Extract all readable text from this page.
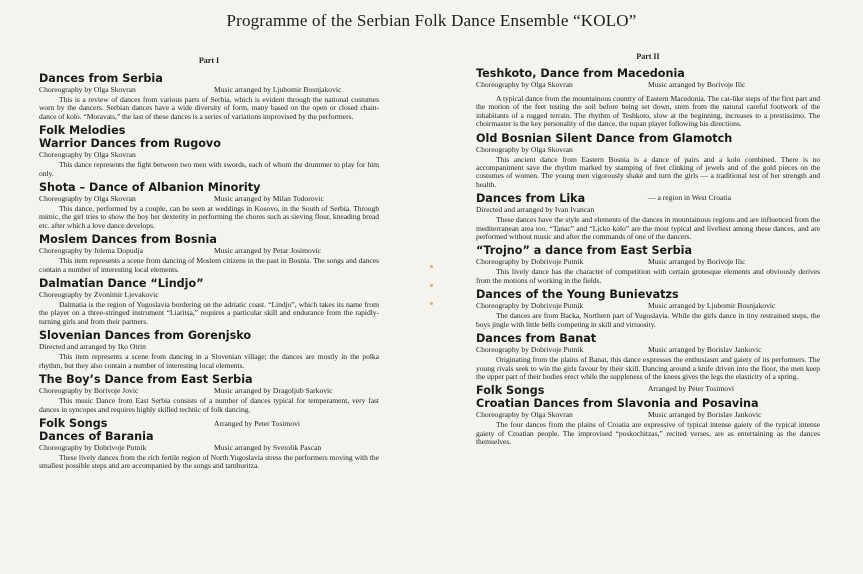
Programme of the Serbian Folk Dance Ensemble “KOLO”
Part I
Dances from Serbia
Choreography by Olga Skovran	Music arranged by Ljubomir Bosnjakovic
This is a review of dances from various parts of Serbia, which is evident through the national costumes worn by the dancers. Serbian dances have a wide diversity of form, many based on the open or closed chain-dance of kolo. “Moravats,” the last of these dances is a series of variations improvised by the performers.
Folk Melodies
Warrior Dances from Rugovo
Choreography by Olga Skovran
This dance represents the fight between two men with swords, each of whom the drummer to play for him only.
Shota – Dance of Albanion Minority
Choreography by Olga Skovran	Music arranged by Milan Todorovic
This dance, performed by a couple, can be seen at weddings in Kosovo, in the South of Serbia. Through mimic, the girl tries to show the boy her dexterity in performing the chores such as sieving flour, kneading bread etc. after which a love dance develops.
Moslem Dances from Bosnia
Choreography by Jelema Dopudja	Music arranged by Petar Josimovic
This item represents a scene from dancing of Moslem citizens in the past in Bosnia. The songs and dances contain a number of interesting local elements.
Dalmatian Dance “Lindjo”
Choreography by Zvonimir Ljevakovic
Dalmatia is the region of Yugoslavia bordering on the adriatic coast. “Lindjo”, which takes its name from the player on a three-stringed instrument “Liaritsa,” requires a particular skill and endurance from the rapidly-turning girls and from their partners.
Slovenian Dances from Gorenjsko
Directed and arranged by Iko Otrin
This item represents a scene from dancing in a Slovenian village; the dances are mostly in the polka rhythm, but they also contain a number of interesting local elements.
The Boy’s Dance from East Serbia
Choreography by Borivoje Jovic	Music arranged by Dragoljub Sarkovic
This music Dance from East Serbia consists of a number of dances typical for temperament, very fast dances in syncopes and requires highly skilled technic of folk dancing.
Folk Songs	Arranged by Peter Tosimovi
Dances of Barania
Choreography by Dobrivoje Putnik	Music arranged by Svetolik Pascan
These lively dances from the rich fertile region of North Yugoslavia stress the performers moving with the smallest possible steps and are accompanied by the songs and tamburitza.
Part II
Teshkoto, Dance from Macedonia
Choreography by Olga Skovran	Music arranged by Borivoje Ilic
A typical dance from the mountainous country of Eastern Macedonia. The cat-like steps of the first part and the motion of the feet testing the soil before being set down, stem from the natural careful footwork of the inhabitants of a rugged terrain. The rhythm of Teshkoto, slow at the beginning, increases to a prestissimo. The choirmaster is the key personality of the dance, the tupan player following his directions.
Old Bosnian Silent Dance from Glamotch
Choreography by Olga Skovran
This ancient dance from Eastern Bosnia is a dance of pairs and a kolo combined. There is no accompaniment save the rhythm marked by stamping of feet clinking of jewels and of the gold pieces on the costumes of women. The young men vigorously shake and turn the girls — a traditional test of her strength and health.
Dances from Lika	— a region in West Croatia
Directed and arranged by Ivan Ivancan
These dances have the style and elements of the dances in mountainous regions and are influenced from the mediterranean area too. “Tanac” and “Licko kolo” are the most typical and liveliest among these dances, and are performed without music and after the commands of one of the dancers.
“Trojno” a dance from East Serbia
Choreography by Dobrivoje Putnik	Music arranged by Borivoje Ilic
This lively dance has the character of competition with certain grotesque elements and obviously derives from the motions of working in the fields.
Dances of the Young Bunievatzs
Choreography by Dobrivoje Putnik	Music arranged by Ljubomir Bosnjakovic
The dances are from Backa, Northern part of Yugoslavia. While the girls dance in tiny restrained steps, the boys jingle with little bells competing in skill and virtuosity.
Dances from Banat
Choreography by Dobrivoje Putnik	Music arranged by Borislav Jankovic
Originating from the plains of Banat, this dance expresses the enthusiasm and gaiety of its performers. The young rivals seek to win the girls favour by their skill. Dancing around a knife driven into the floor, the men keep the upper part of their bodies erect while the suppleness of the knees gives the legs the elasticity of a spring.
Folk Songs	Arranged by Peter Tosimovi
Croatian Dances from Slavonia and Posavina
Choreography by Olga Skovran	Music arranged by Borislav Jankovic
The four dances from the plains of Croatia are expressive of typical intense gaiety of the typical intense gaiety of Croatian people. The improvised “poskochitzas,” recited verses, are as entertaining as the dances themselves.
